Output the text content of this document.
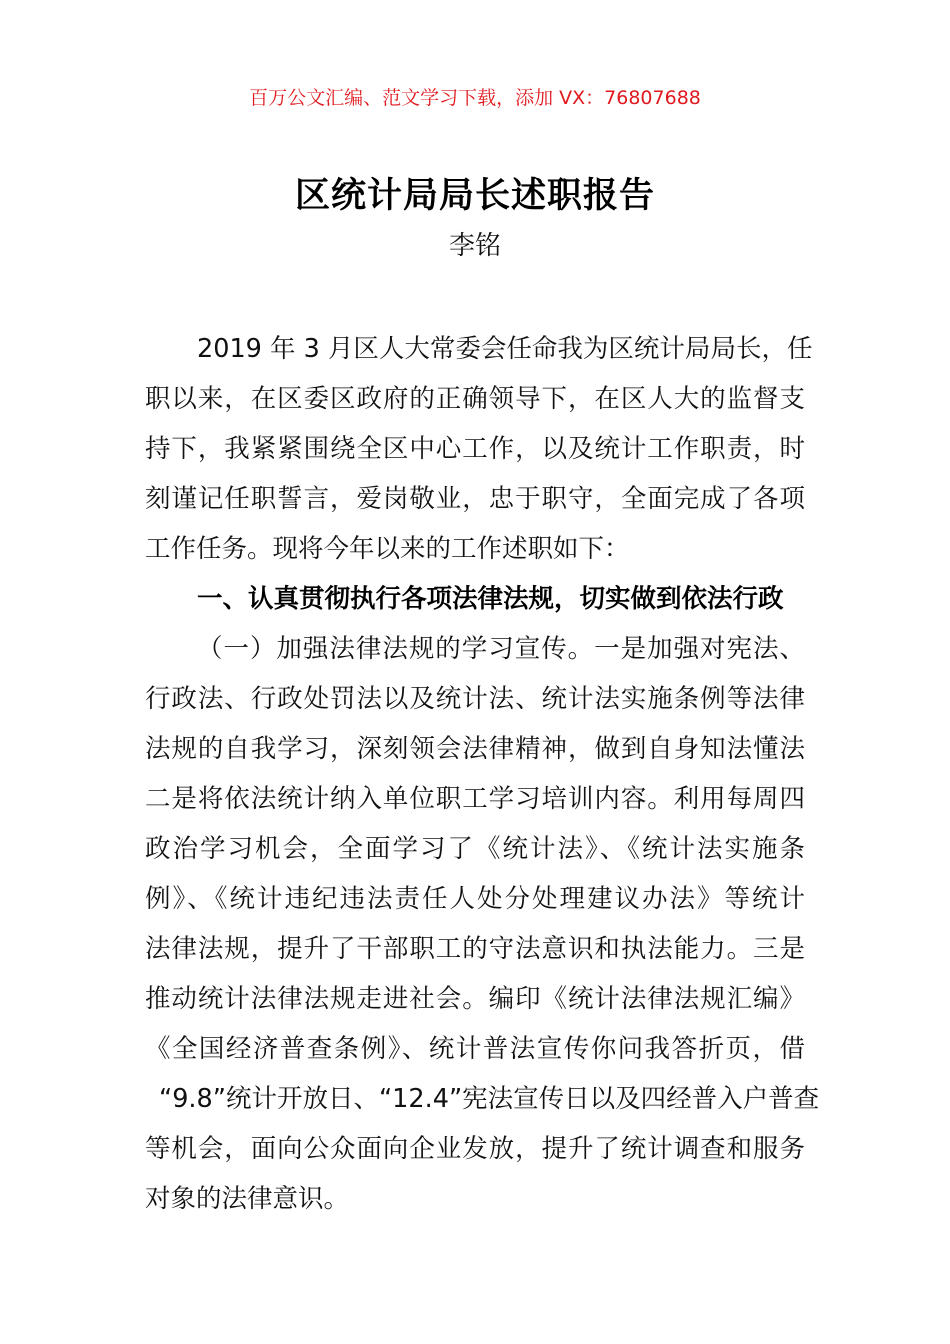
百万公文汇编、范文学习下载，添加 VX：76807688
区统计局局长述职报告
李铭
2019 年 3 月区人大常委会任命我为区统计局局长，任
职以来，在区委区政府的正确领导下，在区人大的监督支
持下，我紧紧围绕全区中心工作，以及统计工作职责，时
刻谨记任职誓言，爱岗敬业，忠于职守，全面完成了各项
工作任务。现将今年以来的工作述职如下：
一、认真贯彻执行各项法律法规，切实做到依法行政
（一）加强法律法规的学习宣传。一是加强对宪法、
行政法、行政处罚法以及统计法、统计法实施条例等法律
法规的自我学习，深刻领会法律精神，做到自身知法懂法
二是将依法统计纳入单位职工学习培训内容。利用每周四
政治学习机会，全面学习了《统计法》、《统计法实施条
例》、《统计违纪违法责任人处分处理建议办法》等统计
法律法规，提升了干部职工的守法意识和执法能力。三是
推动统计法律法规走进社会。编印《统计法律法规汇编》
《全国经济普查条例》、统计普法宣传你问我答折页，借
“9.8”统计开放日、“12.4”宪法宣传日以及四经普入户普查
等机会，面向公众面向企业发放，提升了统计调查和服务
对象的法律意识。
